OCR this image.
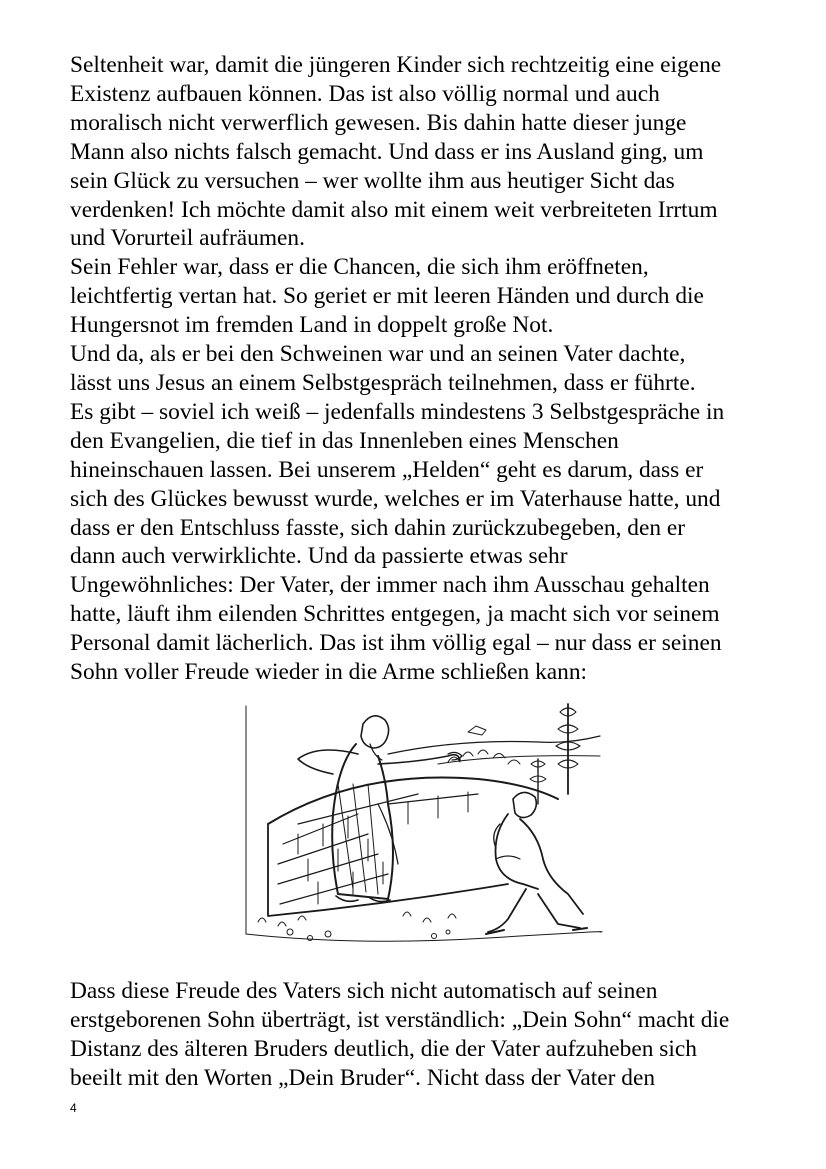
Seltenheit war, damit die jüngeren Kinder sich rechtzeitig eine eigene
Existenz aufbauen können. Das ist also völlig normal und auch
moralisch nicht verwerflich gewesen. Bis dahin hatte dieser junge
Mann also nichts falsch gemacht. Und dass er ins Ausland ging, um
sein Glück zu versuchen – wer wollte ihm aus heutiger Sicht das
verdenken! Ich möchte damit also mit einem weit verbreiteten Irrtum
und Vorurteil aufräumen.
Sein Fehler war, dass er die Chancen, die sich ihm eröffneten,
leichtfertig vertan hat. So geriet er mit leeren Händen und durch die
Hungersnot im fremden Land in doppelt große Not.
Und da, als er bei den Schweinen war und an seinen Vater dachte,
lässt uns Jesus an einem Selbstgespräch teilnehmen, dass er führte.
Es gibt – soviel ich weiß – jedenfalls mindestens 3 Selbstgespräche in
den Evangelien, die tief in das Innenleben eines Menschen
hineinschauen lassen. Bei unserem „Helden“ geht es darum, dass er
sich des Glückes bewusst wurde, welches er im Vaterhause hatte, und
dass er den Entschluss fasste, sich dahin zurückzubegeben, den er
dann auch verwirklichte. Und da passierte etwas sehr
Ungewöhnliches: Der Vater, der immer nach ihm Ausschau gehalten
hatte, läuft ihm eilenden Schrittes entgegen, ja macht sich vor seinem
Personal damit lächerlich. Das ist ihm völlig egal – nur dass er seinen
Sohn voller Freude wieder in die Arme schließen kann:
Dass diese Freude des Vaters sich nicht automatisch auf seinen
erstgeborenen Sohn überträgt, ist verständlich: „Dein Sohn“ macht die
Distanz des älteren Bruders deutlich, die der Vater aufzuheben sich
beeilt mit den Worten „Dein Bruder“. Nicht dass der Vater den
4
